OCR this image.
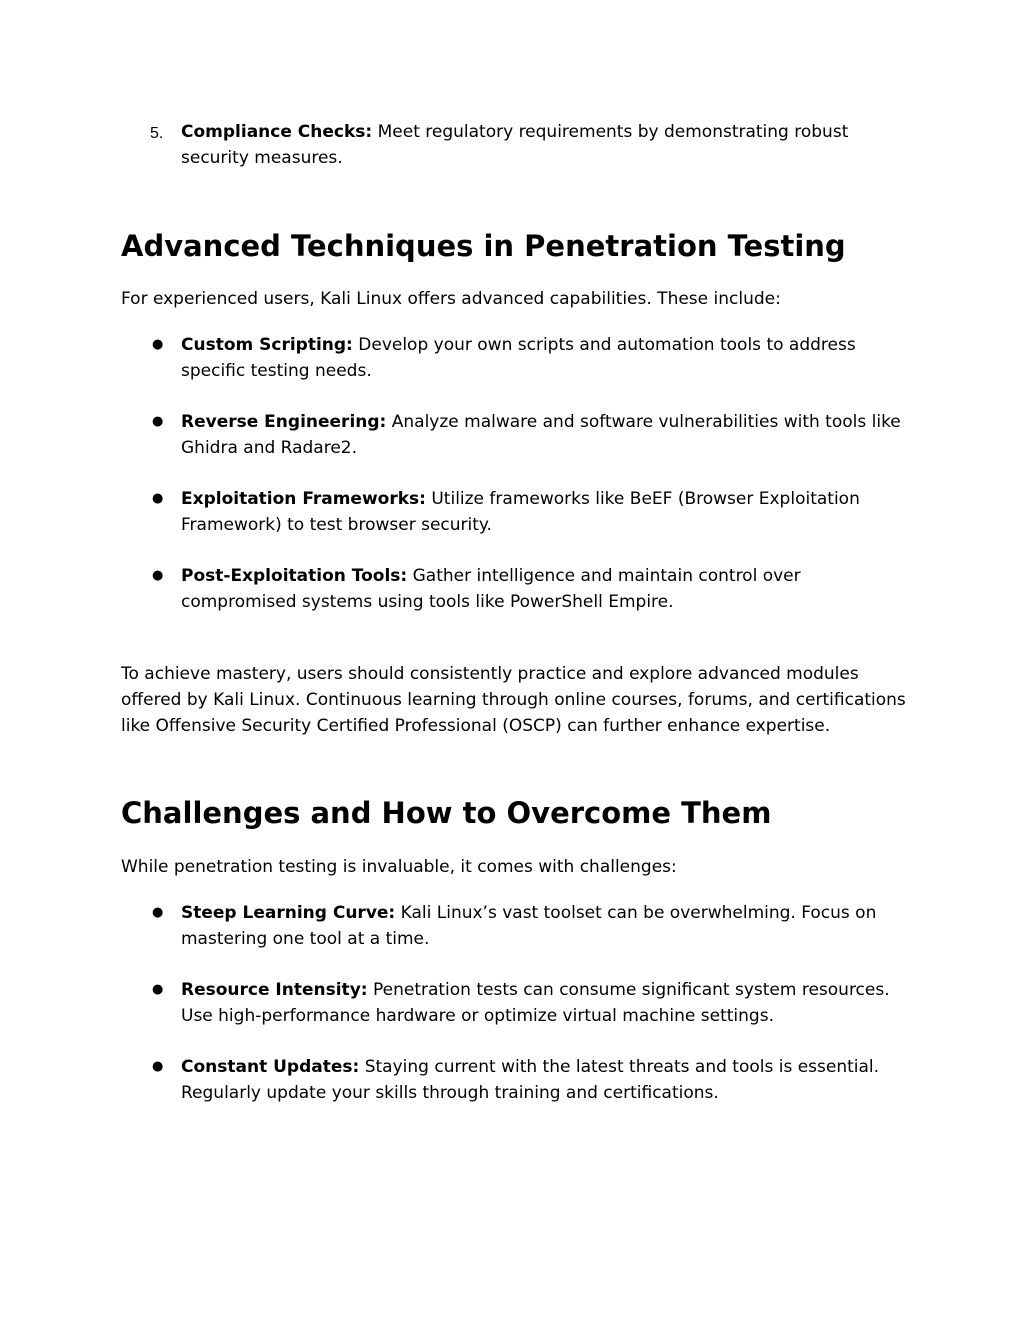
5. Compliance Checks: Meet regulatory requirements by demonstrating robust security measures.
Advanced Techniques in Penetration Testing

For experienced users, Kali Linux offers advanced capabilities. These include:

● Custom Scripting: Develop your own scripts and automation tools to address specific testing needs.
● Reverse Engineering: Analyze malware and software vulnerabilities with tools like Ghidra and Radare2.
● Exploitation Frameworks: Utilize frameworks like BeEF (Browser Exploitation Framework) to test browser security.
● Post-Exploitation Tools: Gather intelligence and maintain control over compromised systems using tools like PowerShell Empire.

To achieve mastery, users should consistently practice and explore advanced modules offered by Kali Linux. Continuous learning through online courses, forums, and certifications like Offensive Security Certified Professional (OSCP) can further enhance expertise.

Challenges and How to Overcome Them

While penetration testing is invaluable, it comes with challenges:

● Steep Learning Curve: Kali Linux’s vast toolset can be overwhelming. Focus on mastering one tool at a time.
● Resource Intensity: Penetration tests can consume significant system resources. Use high-performance hardware or optimize virtual machine settings.
● Constant Updates: Staying current with the latest threats and tools is essential. Regularly update your skills through training and certifications.
